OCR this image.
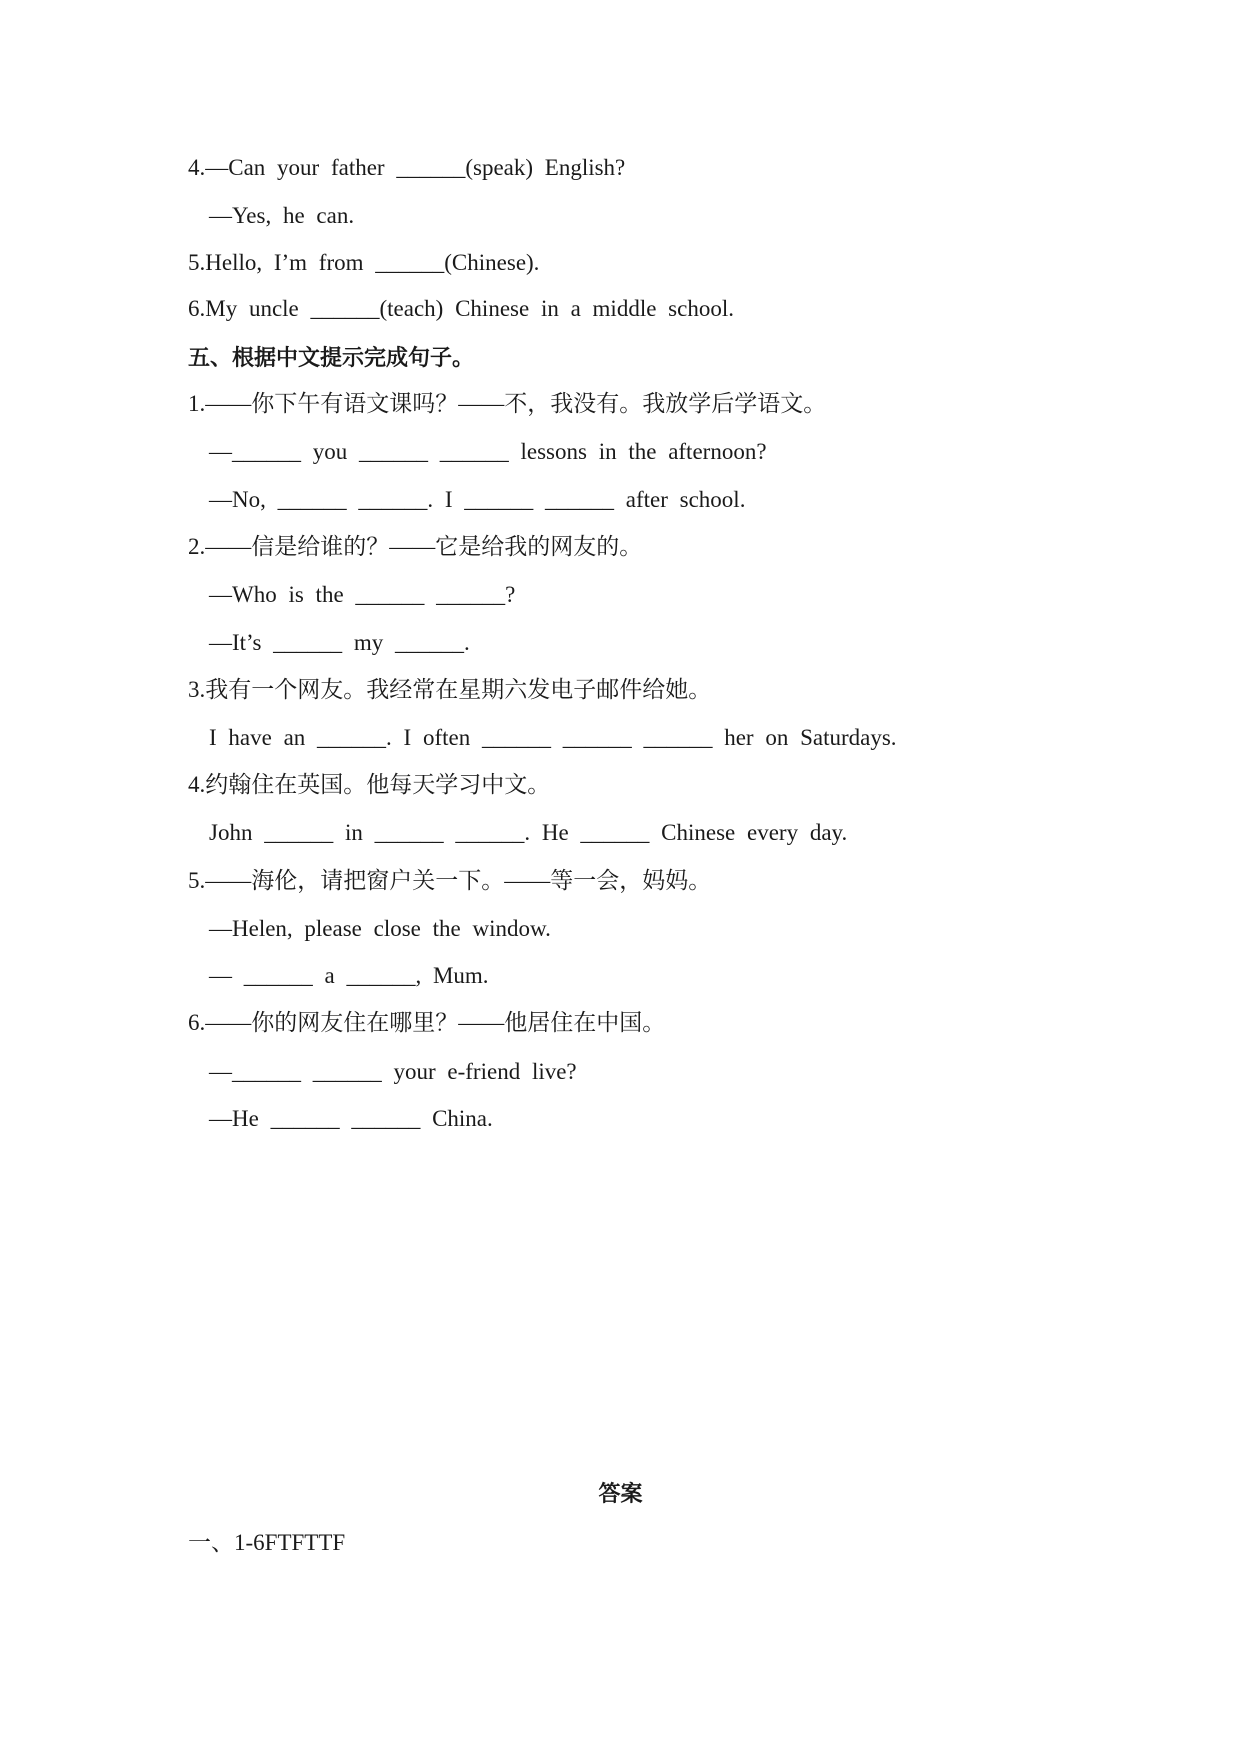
4.—Can your father ______(speak) English?
—Yes, he can.
5.Hello, I’m from ______(Chinese).
6.My uncle ______(teach) Chinese in a middle school.
五、根据中文提示完成句子。
1.——你下午有语文课吗？——不，我没有。我放学后学语文。
—______ you ______ ______ lessons in the afternoon?
—No, ______ ______. I ______ ______ after school.
2.——信是给谁的？——它是给我的网友的。
—Who is the ______ ______?
—It’s ______ my ______.
3.我有一个网友。我经常在星期六发电子邮件给她。
I have an ______. I often ______ ______ ______ her on Saturdays.
4.约翰住在英国。他每天学习中文。
John ______ in ______ ______. He ______ Chinese every day.
5.——海伦，请把窗户关一下。——等一会，妈妈。
—Helen, please close the window.
— ______ a ______, Mum.
6.——你的网友住在哪里？——他居住在中国。
—______ ______ your e-friend live?
—He ______ ______ China.
答案
一、1-6FTFTTF
